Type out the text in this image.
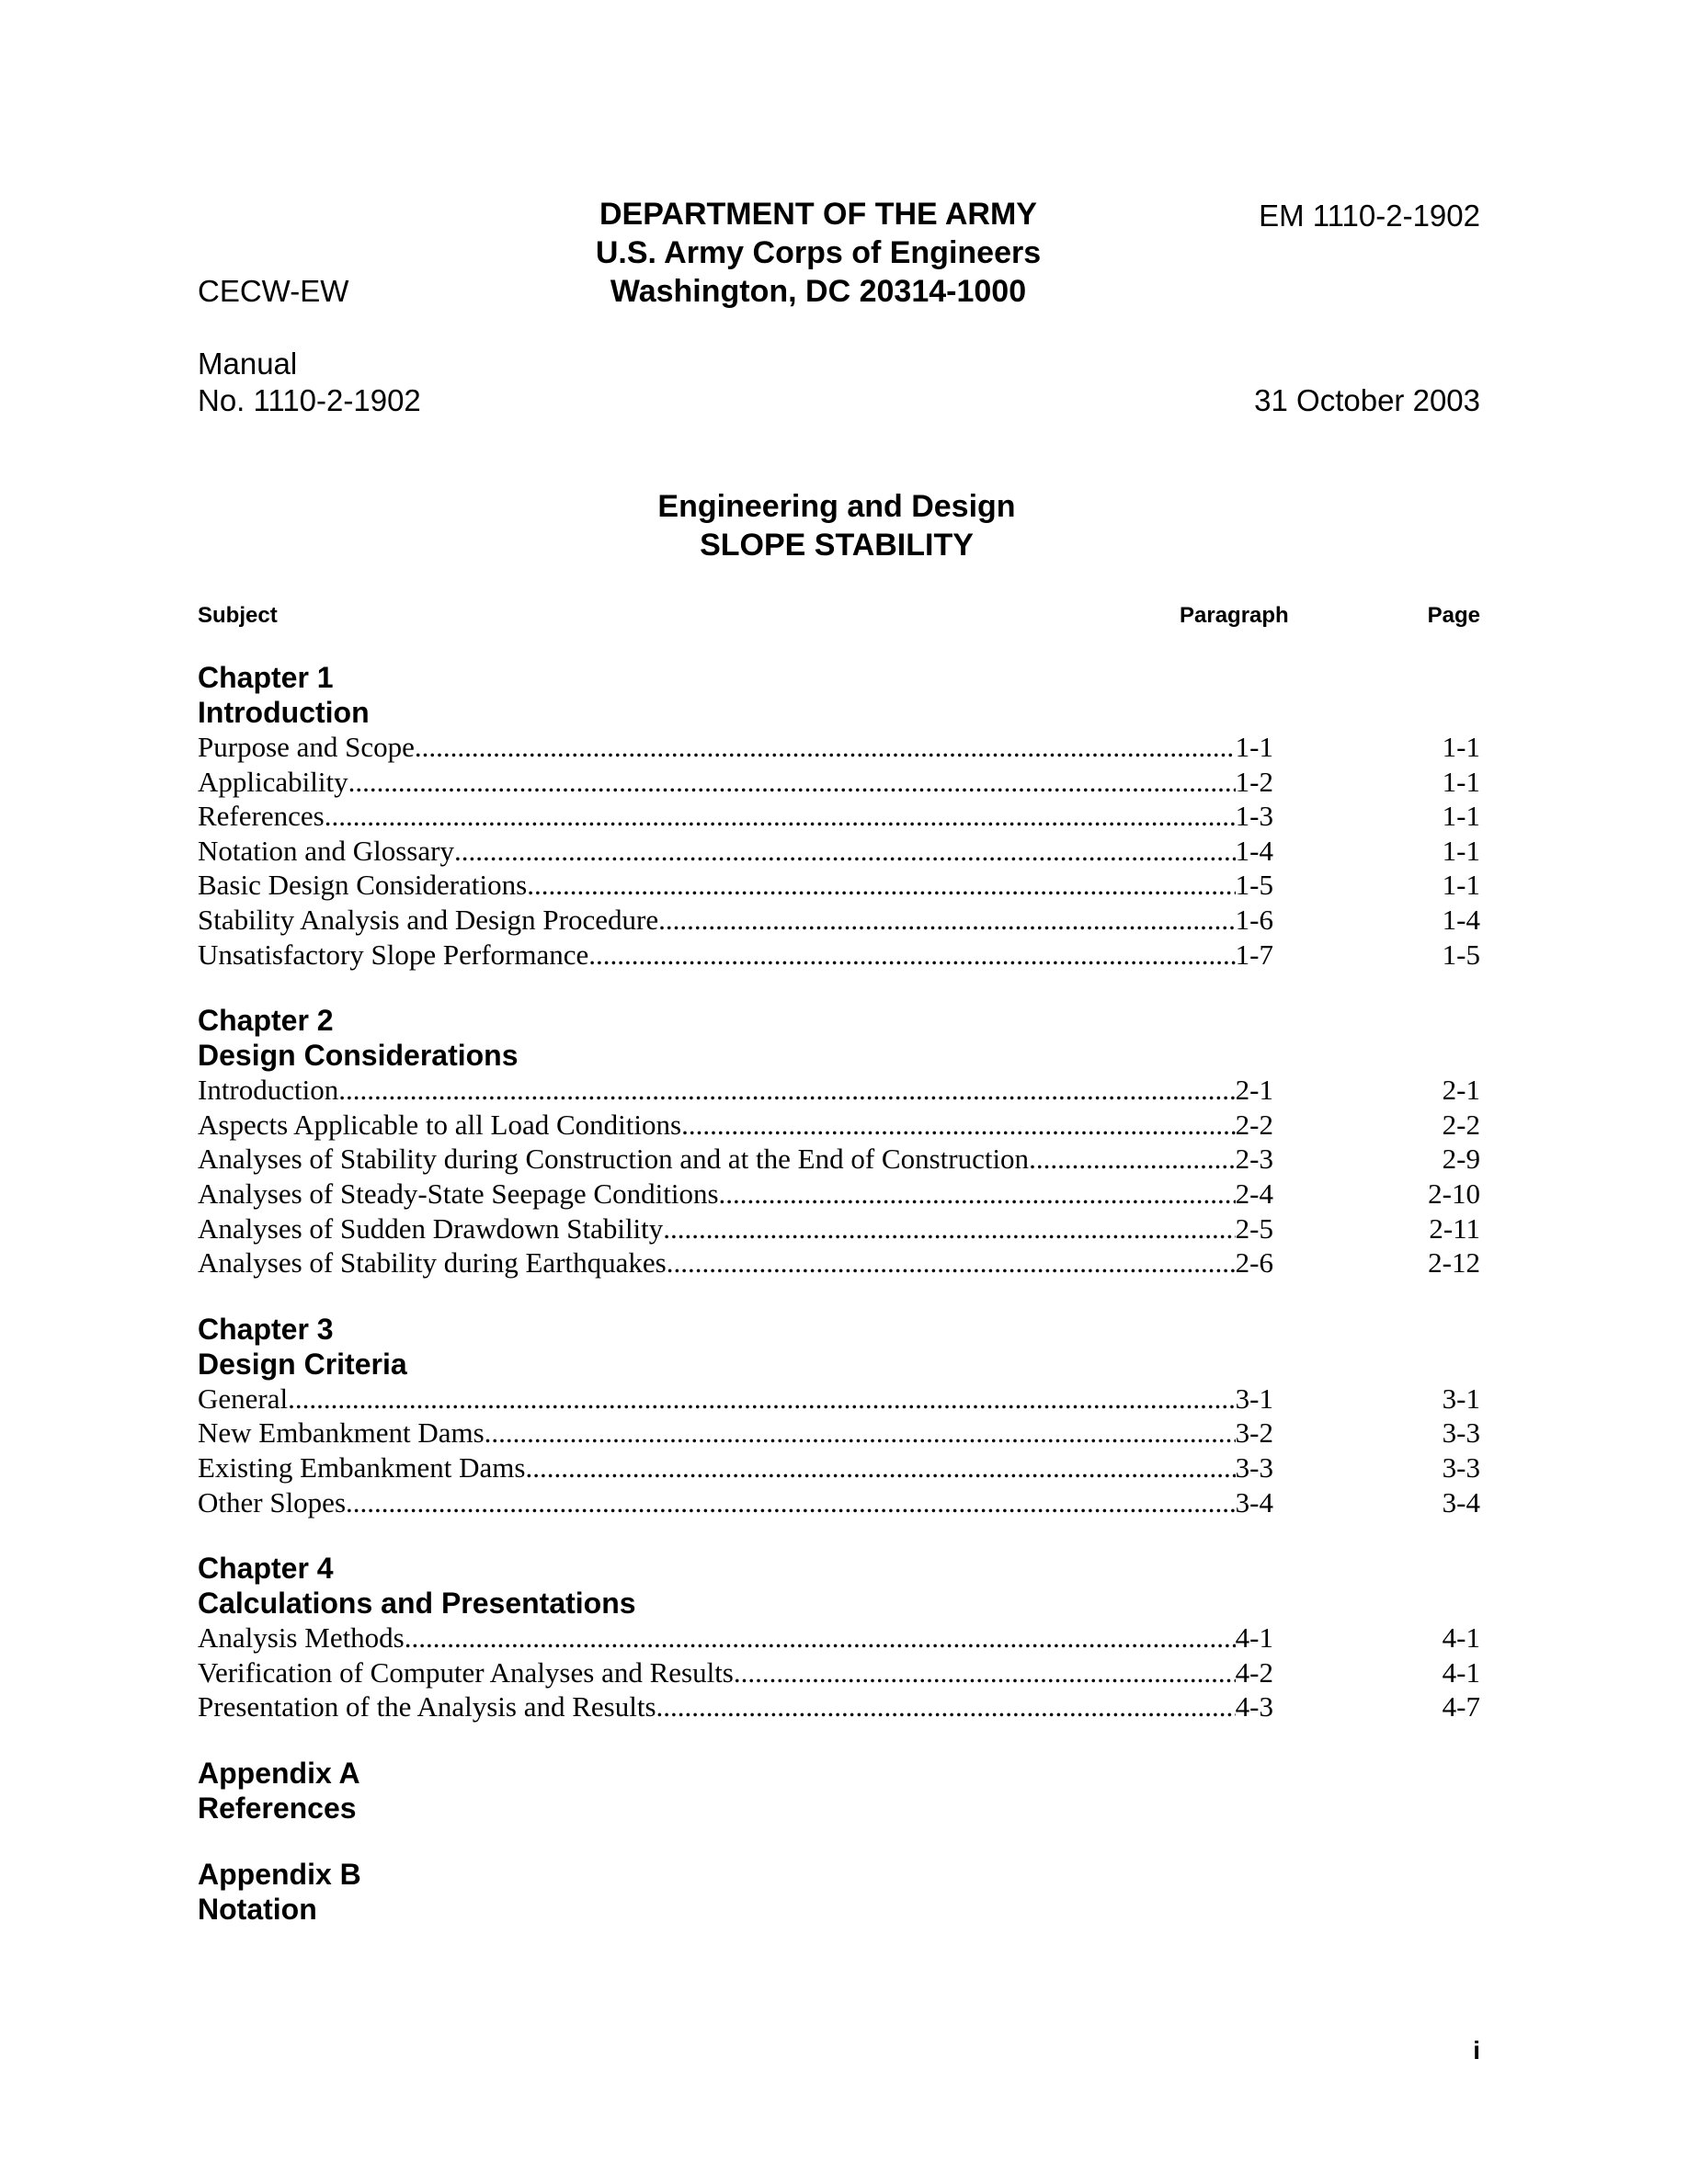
DEPARTMENT OF THE ARMY
U.S. Army Corps of Engineers
Washington, DC 20314-1000
CECW-EW
EM 1110-2-1902
Manual
No. 1110-2-1902	31 October 2003
Engineering and Design
SLOPE STABILITY
Subject	Paragraph	Page
Chapter 1
Introduction
Purpose and Scope .....	1-1	1-1
Applicability .....	1-2	1-1
References .....	1-3	1-1
Notation and Glossary .....	1-4	1-1
Basic Design Considerations .....	1-5	1-1
Stability Analysis and Design Procedure .....	1-6	1-4
Unsatisfactory Slope Performance .....	1-7	1-5
Chapter 2
Design Considerations
Introduction .....	2-1	2-1
Aspects Applicable to all Load Conditions .....	2-2	2-2
Analyses of Stability during Construction and at the End of Construction .....	2-3	2-9
Analyses of Steady-State Seepage Conditions .....	2-4	2-10
Analyses of Sudden Drawdown Stability .....	2-5	2-11
Analyses of Stability during Earthquakes .....	2-6	2-12
Chapter 3
Design Criteria
General .....	3-1	3-1
New Embankment Dams .....	3-2	3-3
Existing Embankment Dams .....	3-3	3-3
Other Slopes .....	3-4	3-4
Chapter 4
Calculations and Presentations
Analysis Methods .....	4-1	4-1
Verification of Computer Analyses and Results .....	4-2	4-1
Presentation of the Analysis and Results .....	4-3	4-7
Appendix A
References
Appendix B
Notation
i
